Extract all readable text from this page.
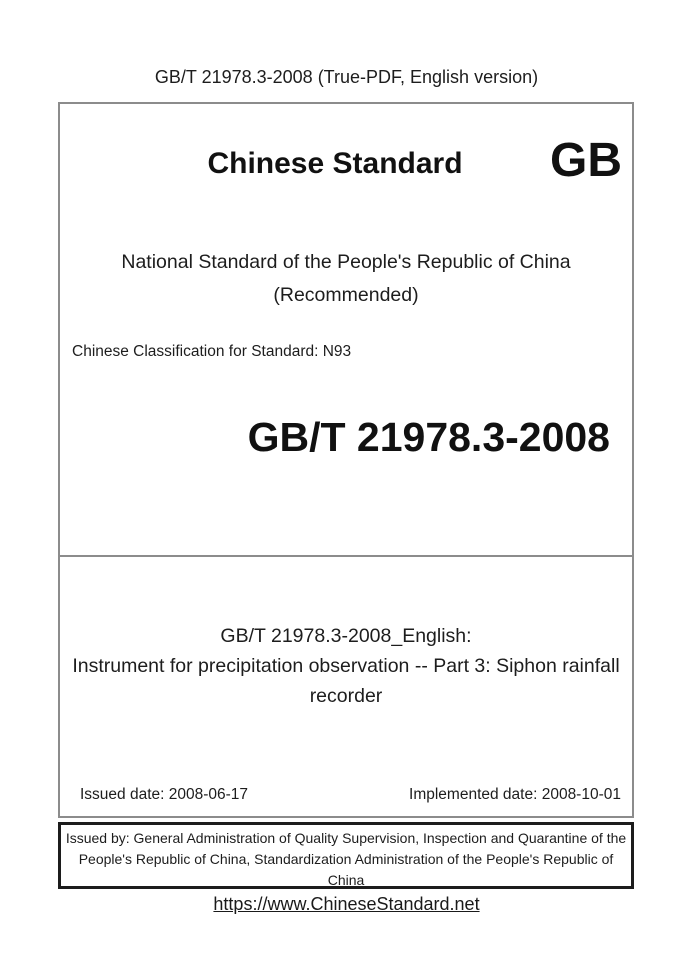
GB/T 21978.3-2008 (True-PDF, English version)
Chinese Standard	GB
National Standard of the People's Republic of China
(Recommended)
Chinese Classification for Standard: N93
GB/T 21978.3-2008
GB/T 21978.3-2008_English:
Instrument for precipitation observation -- Part 3: Siphon rainfall recorder
Issued date: 2008-06-17	Implemented date: 2008-10-01
Issued by: General Administration of Quality Supervision, Inspection and Quarantine of the People's Republic of China, Standardization Administration of the People's Republic of China
https://www.ChineseStandard.net
